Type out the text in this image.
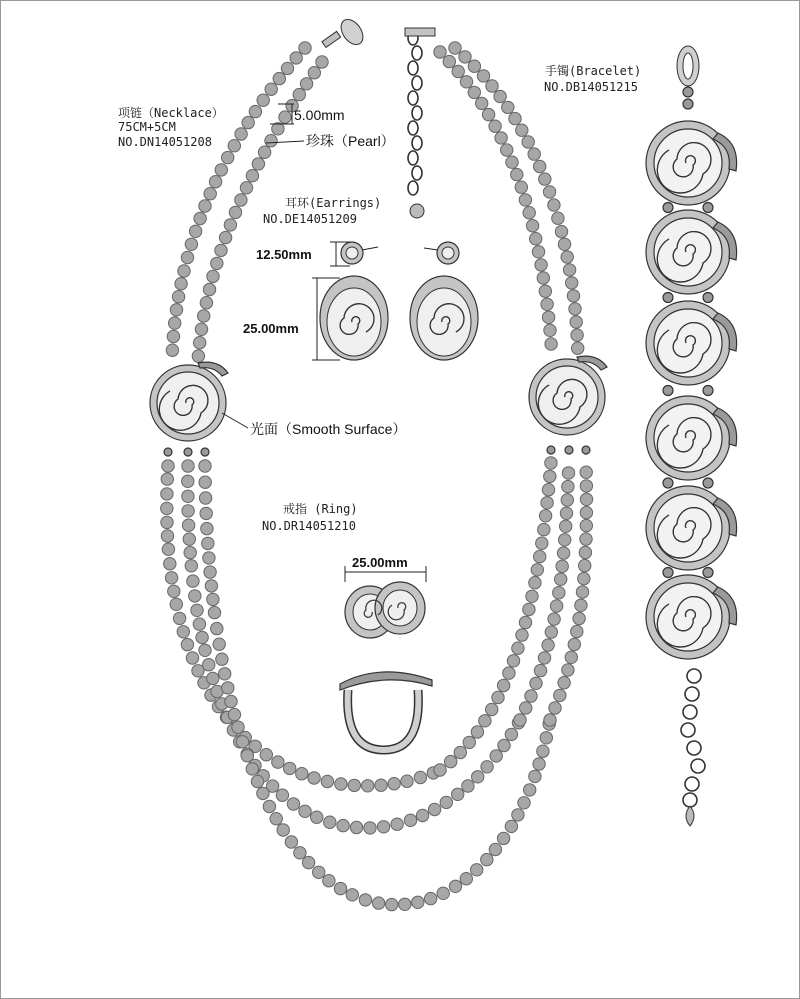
项链（Necklace）
75CM+5CM
NO.DN14051208
5.00mm
珍珠（Pearl）
耳环(Earrings)
NO.DE14051209
12.50mm
25.00mm
光面（Smooth Surface）
戒指 (Ring)
NO.DR14051210
25.00mm
手镯(Bracelet)
NO.DB14051215
